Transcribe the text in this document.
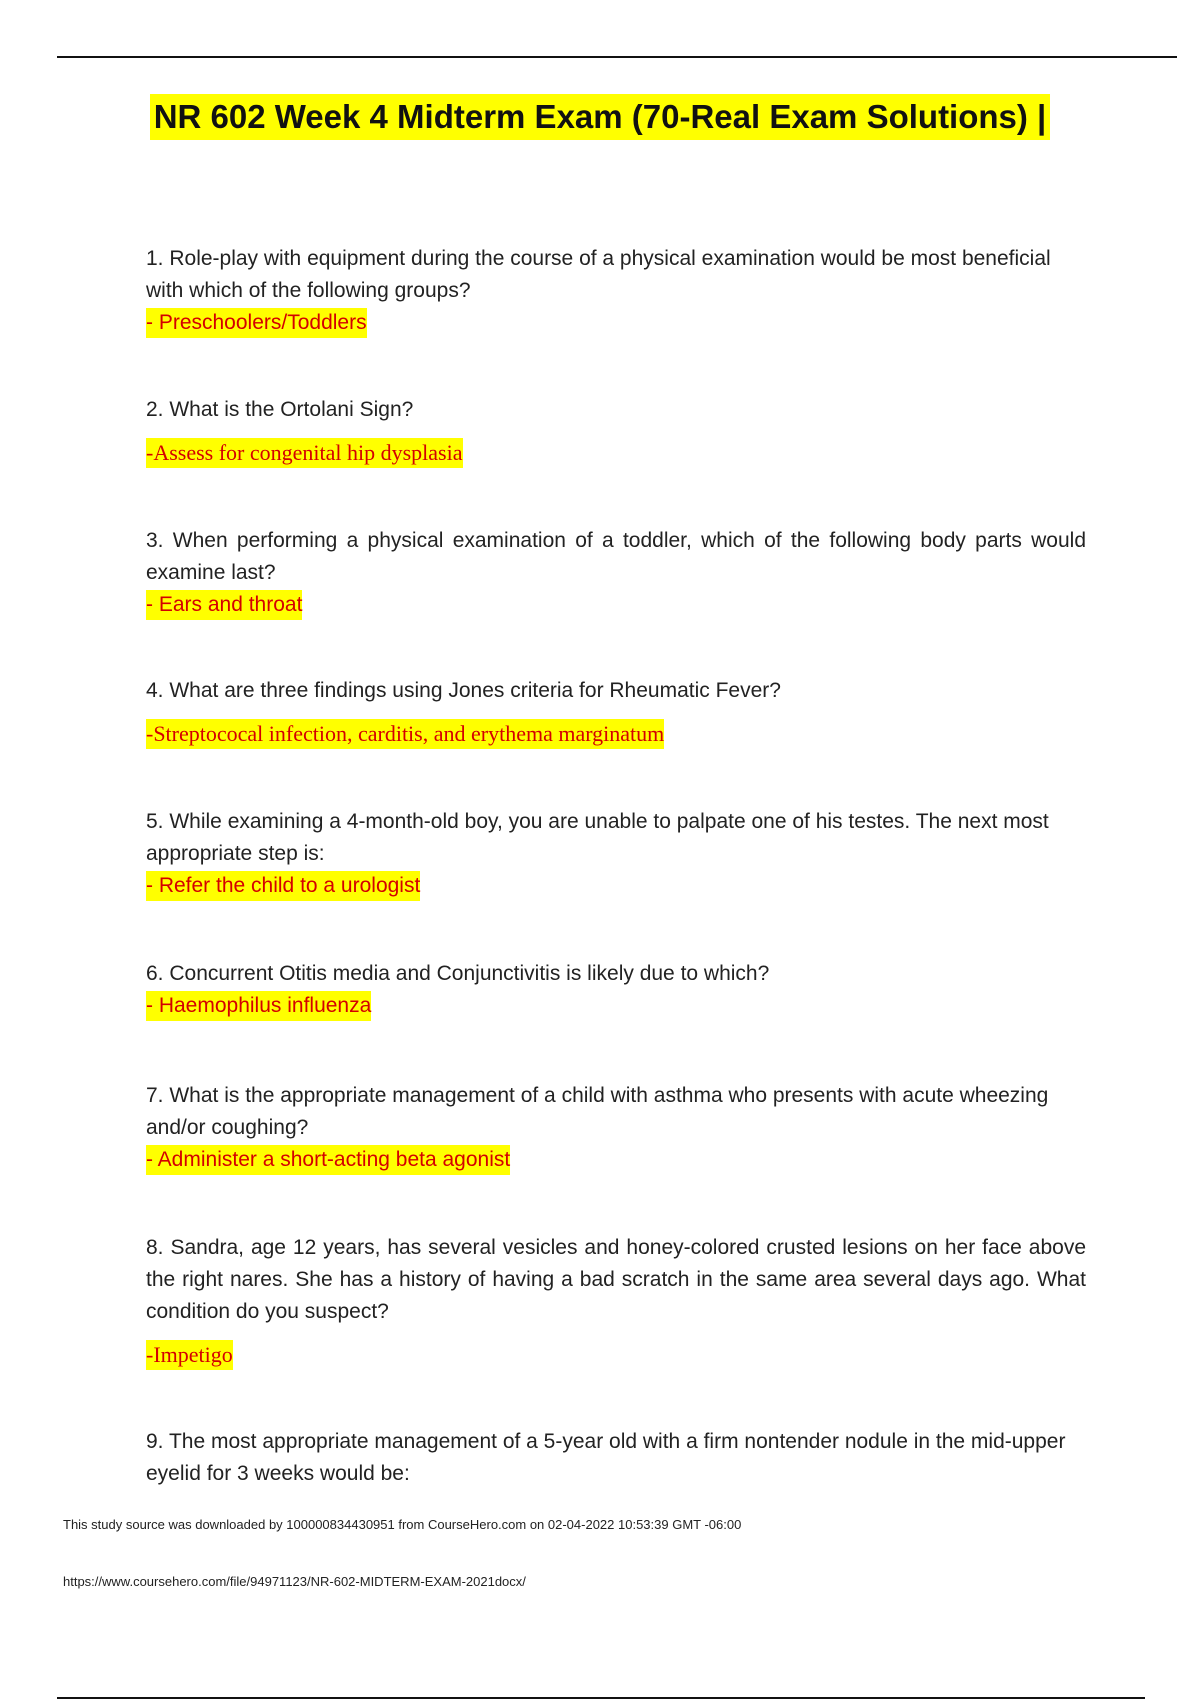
NR 602 Week 4 Midterm Exam (70-Real Exam Solutions) |

1. Role-play with equipment during the course of a physical examination would be most beneficial with which of the following groups?

- Preschoolers/Toddlers

2. What is the Ortolani Sign?

-Assess for congenital hip dysplasia

3. When performing a physical examination of a toddler, which of the following body parts would examine last?

- Ears and throat

4. What are three findings using Jones criteria for Rheumatic Fever?

-Streptococal infection, carditis, and erythema marginatum

5. While examining a 4-month-old boy, you are unable to palpate one of his testes. The next most appropriate step is:

- Refer the child to a urologist

6. Concurrent Otitis media and Conjunctivitis is likely due to which?

- Haemophilus influenza

7. What is the appropriate management of a child with asthma who presents with acute wheezing and/or coughing?

- Administer a short-acting beta agonist

8. Sandra, age 12 years, has several vesicles and honey-colored crusted lesions on her face above the right nares. She has a history of having a bad scratch in the same area several days ago. What condition do you suspect?

-Impetigo

9. The most appropriate management of a 5-year old with a firm nontender nodule in the mid-upper eyelid for 3 weeks would be:

This study source was downloaded by 100000834430951 from CourseHero.com on 02-04-2022 10:53:39 GMT -06:00
https://www.coursehero.com/file/94971123/NR-602-MIDTERM-EXAM-2021docx/
